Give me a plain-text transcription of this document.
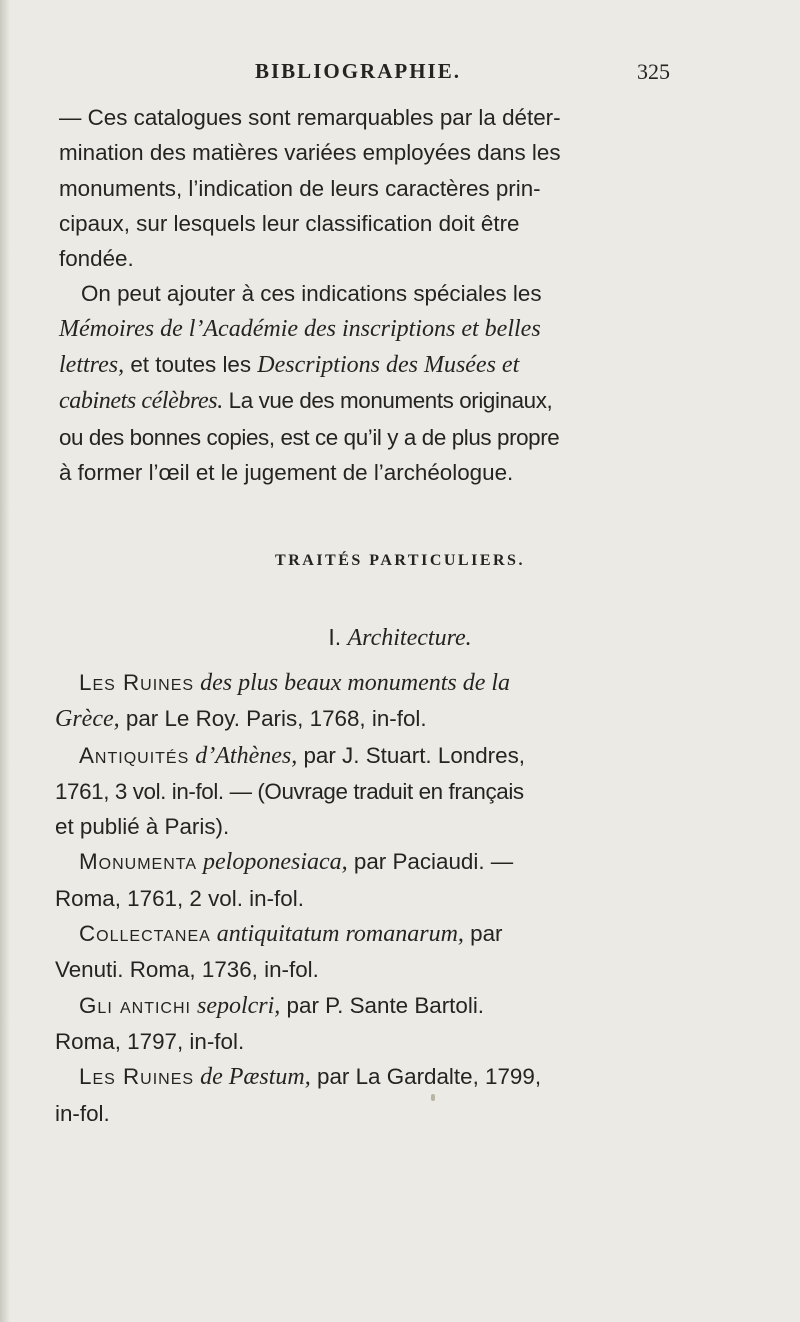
BIBLIOGRAPHIE.	325

— Ces catalogues sont remarquables par la déter-
mination des matières variées employées dans les
monuments, l’indication de leurs caractères prin-
cipaux, sur lesquels leur classification doit être
fondée.

On peut ajouter à ces indications spéciales les
Mémoires de l’Académie des inscriptions et belles
lettres, et toutes les Descriptions des Musées et
cabinets célèbres. La vue des monuments originaux,
ou des bonnes copies, est ce qu’il y a de plus propre
à former l’œil et le jugement de l’archéologue.

TRAITÉS PARTICULIERS.
I. Architecture.

Les Ruines des plus beaux monuments de la
Grèce, par Le Roy. Paris, 1768, in-fol.

Antiquités d’Athènes, par J. Stuart. Londres,
1761, 3 vol. in-fol. — (Ouvrage traduit en français
et publié à Paris).

Monumenta peloponesiaca, par Paciaudi. —
Roma, 1761, 2 vol. in-fol.

Collectanea antiquitatum romanarum, par
Venuti. Roma, 1736, in-fol.

Gli antichi sepolcri, par P. Sante Bartoli.
Roma, 1797, in-fol.

Les Ruines de Pæstum, par La Gardalte, 1799,
in-fol.
